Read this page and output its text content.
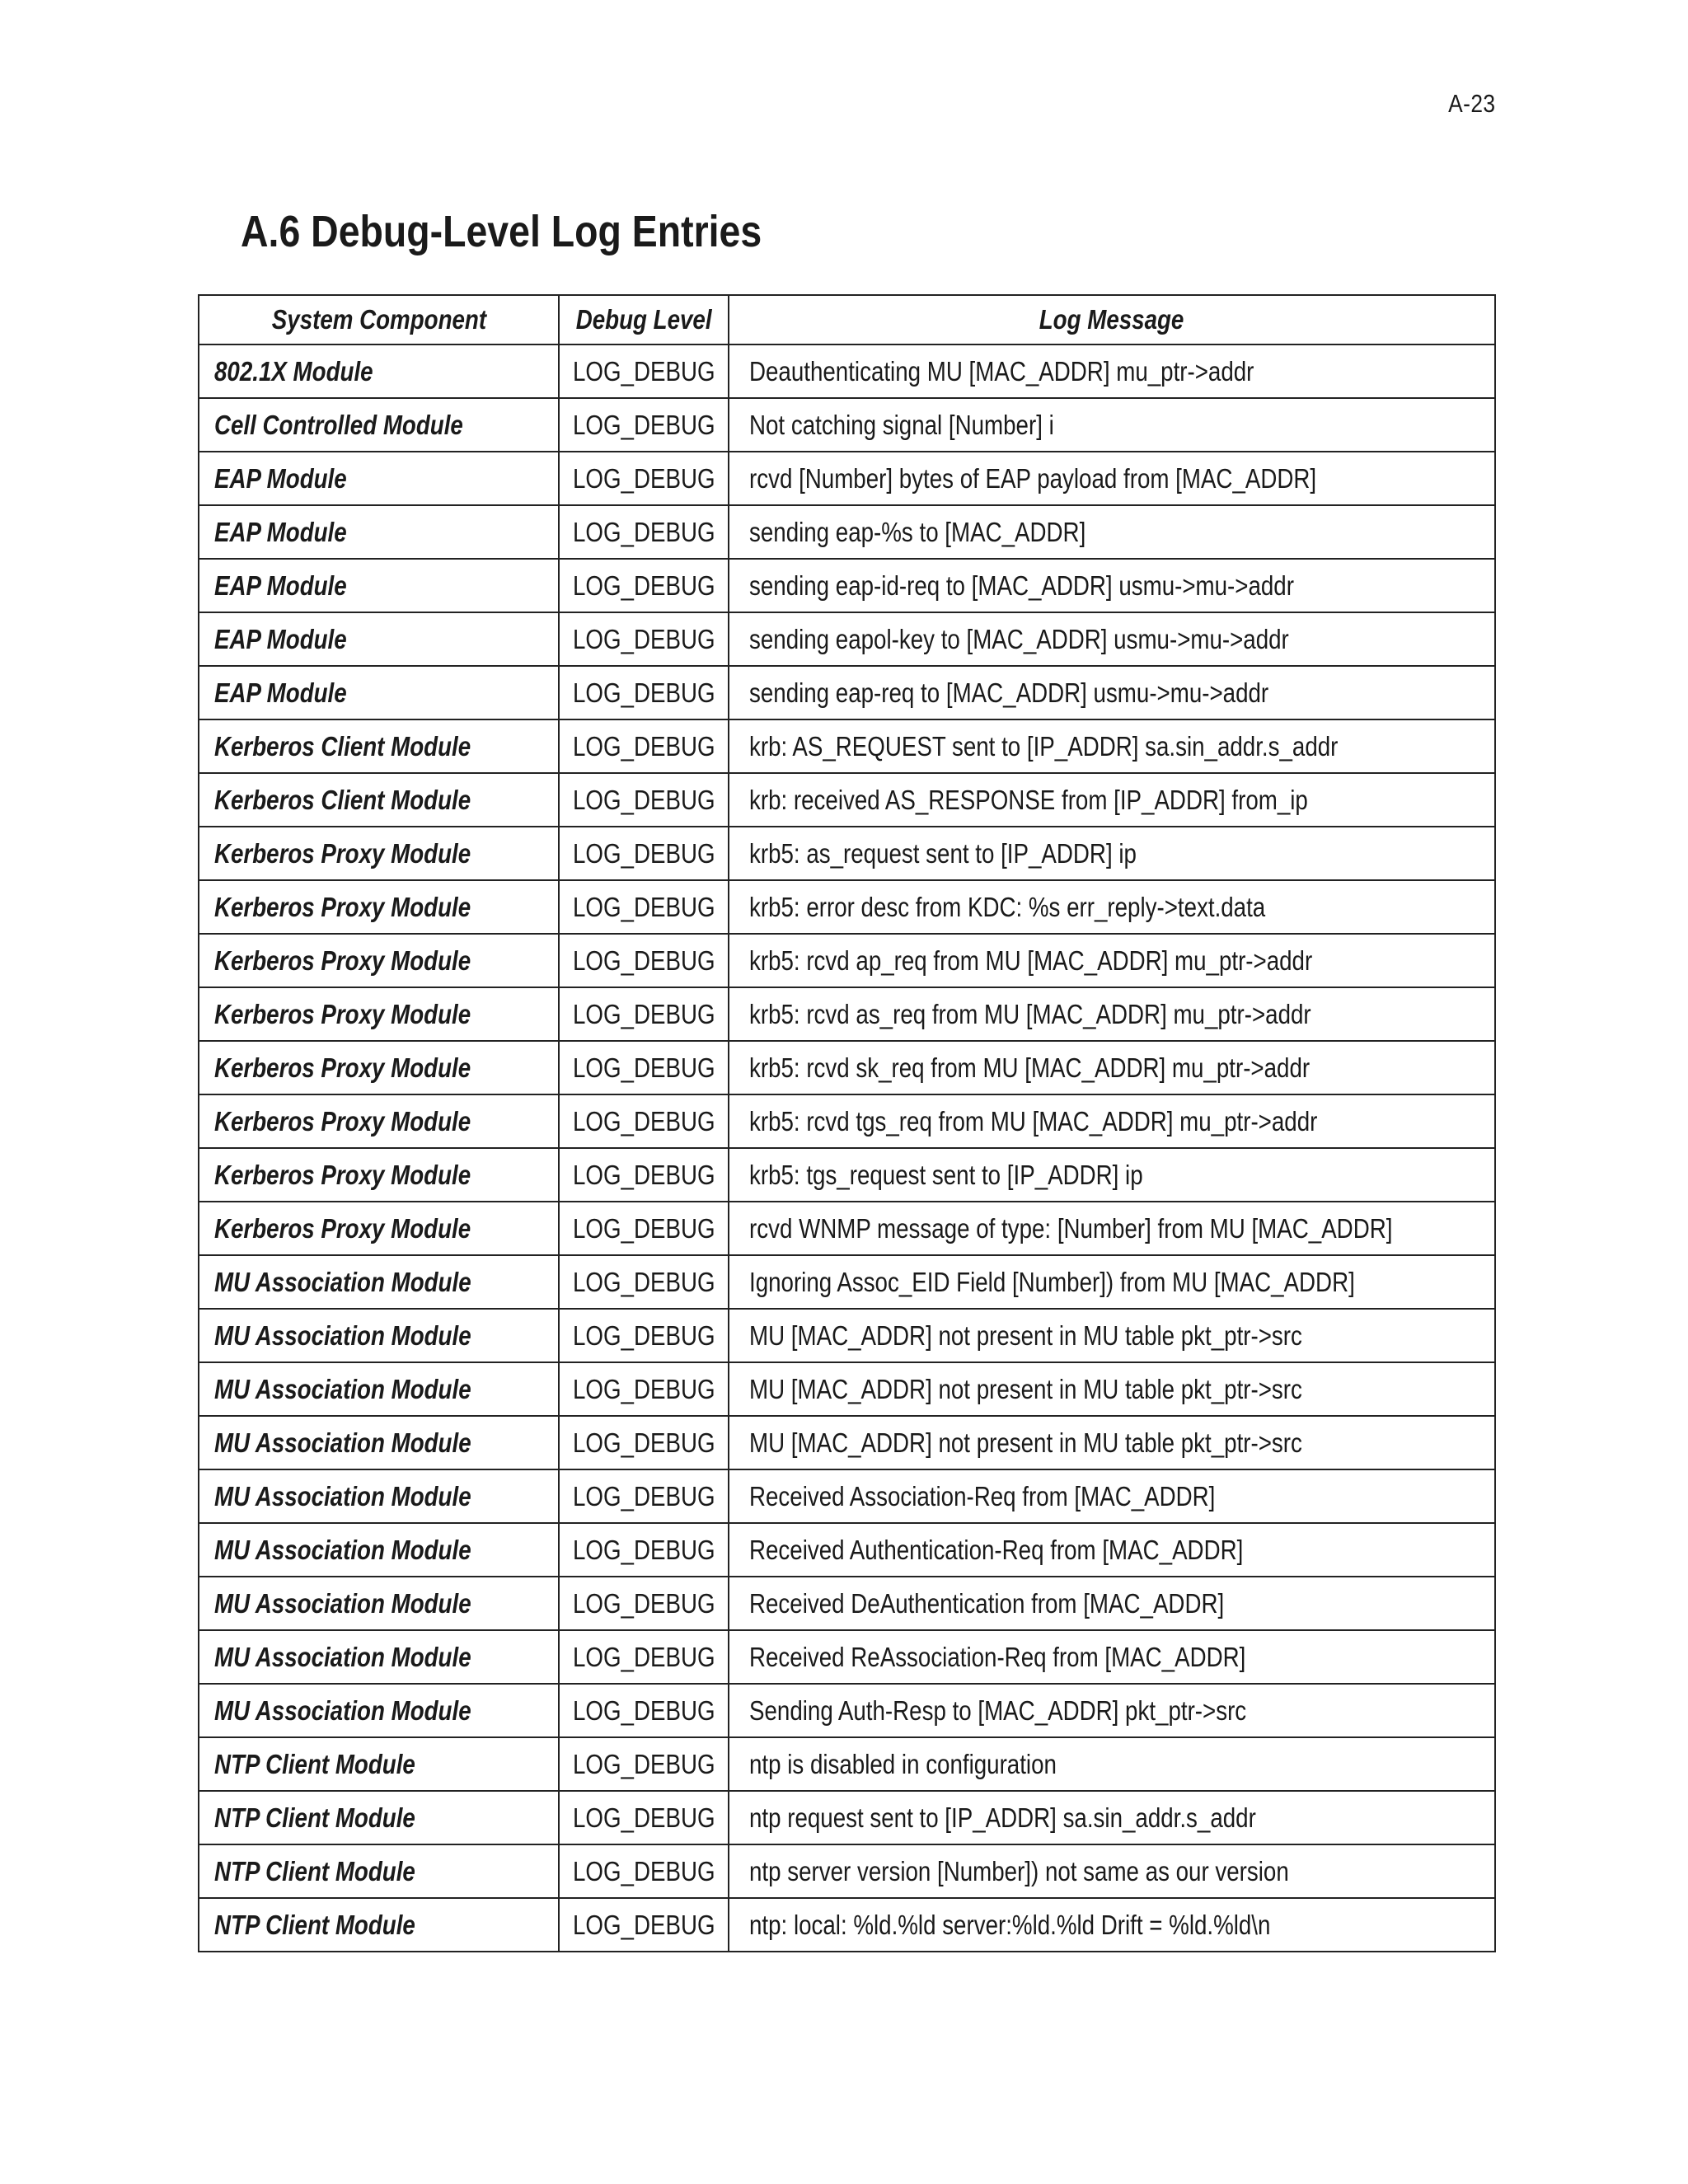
A-23
A.6 Debug-Level Log Entries
System Component	Debug Level	Log Message
802.1X Module	LOG_DEBUG	Deauthenticating MU [MAC_ADDR] mu_ptr->addr
Cell Controlled Module	LOG_DEBUG	Not catching signal [Number] i
EAP Module	LOG_DEBUG	rcvd [Number] bytes of EAP payload from [MAC_ADDR]
EAP Module	LOG_DEBUG	sending eap-%s to [MAC_ADDR]
EAP Module	LOG_DEBUG	sending eap-id-req to [MAC_ADDR] usmu->mu->addr
EAP Module	LOG_DEBUG	sending eapol-key to [MAC_ADDR] usmu->mu->addr
EAP Module	LOG_DEBUG	sending eap-req to [MAC_ADDR] usmu->mu->addr
Kerberos Client Module	LOG_DEBUG	krb: AS_REQUEST sent to [IP_ADDR] sa.sin_addr.s_addr
Kerberos Client Module	LOG_DEBUG	krb: received AS_RESPONSE from [IP_ADDR] from_ip
Kerberos Proxy Module	LOG_DEBUG	krb5: as_request sent to [IP_ADDR] ip
Kerberos Proxy Module	LOG_DEBUG	krb5: error desc from KDC: %s err_reply->text.data
Kerberos Proxy Module	LOG_DEBUG	krb5: rcvd ap_req from MU [MAC_ADDR] mu_ptr->addr
Kerberos Proxy Module	LOG_DEBUG	krb5: rcvd as_req from MU [MAC_ADDR] mu_ptr->addr
Kerberos Proxy Module	LOG_DEBUG	krb5: rcvd sk_req from MU [MAC_ADDR] mu_ptr->addr
Kerberos Proxy Module	LOG_DEBUG	krb5: rcvd tgs_req from MU [MAC_ADDR] mu_ptr->addr
Kerberos Proxy Module	LOG_DEBUG	krb5: tgs_request sent to [IP_ADDR] ip
Kerberos Proxy Module	LOG_DEBUG	rcvd WNMP message of type: [Number] from MU [MAC_ADDR]
MU Association Module	LOG_DEBUG	Ignoring Assoc_EID Field [Number]) from MU [MAC_ADDR]
MU Association Module	LOG_DEBUG	MU [MAC_ADDR] not present in MU table pkt_ptr->src
MU Association Module	LOG_DEBUG	MU [MAC_ADDR] not present in MU table pkt_ptr->src
MU Association Module	LOG_DEBUG	MU [MAC_ADDR] not present in MU table pkt_ptr->src
MU Association Module	LOG_DEBUG	Received Association-Req from [MAC_ADDR]
MU Association Module	LOG_DEBUG	Received Authentication-Req from [MAC_ADDR]
MU Association Module	LOG_DEBUG	Received DeAuthentication from [MAC_ADDR]
MU Association Module	LOG_DEBUG	Received ReAssociation-Req from [MAC_ADDR]
MU Association Module	LOG_DEBUG	Sending Auth-Resp to [MAC_ADDR] pkt_ptr->src
NTP Client Module	LOG_DEBUG	ntp is disabled in configuration
NTP Client Module	LOG_DEBUG	ntp request sent to [IP_ADDR] sa.sin_addr.s_addr
NTP Client Module	LOG_DEBUG	ntp server version [Number]) not same as our version
NTP Client Module	LOG_DEBUG	ntp: local: %ld.%ld server:%ld.%ld Drift = %ld.%ld\n
